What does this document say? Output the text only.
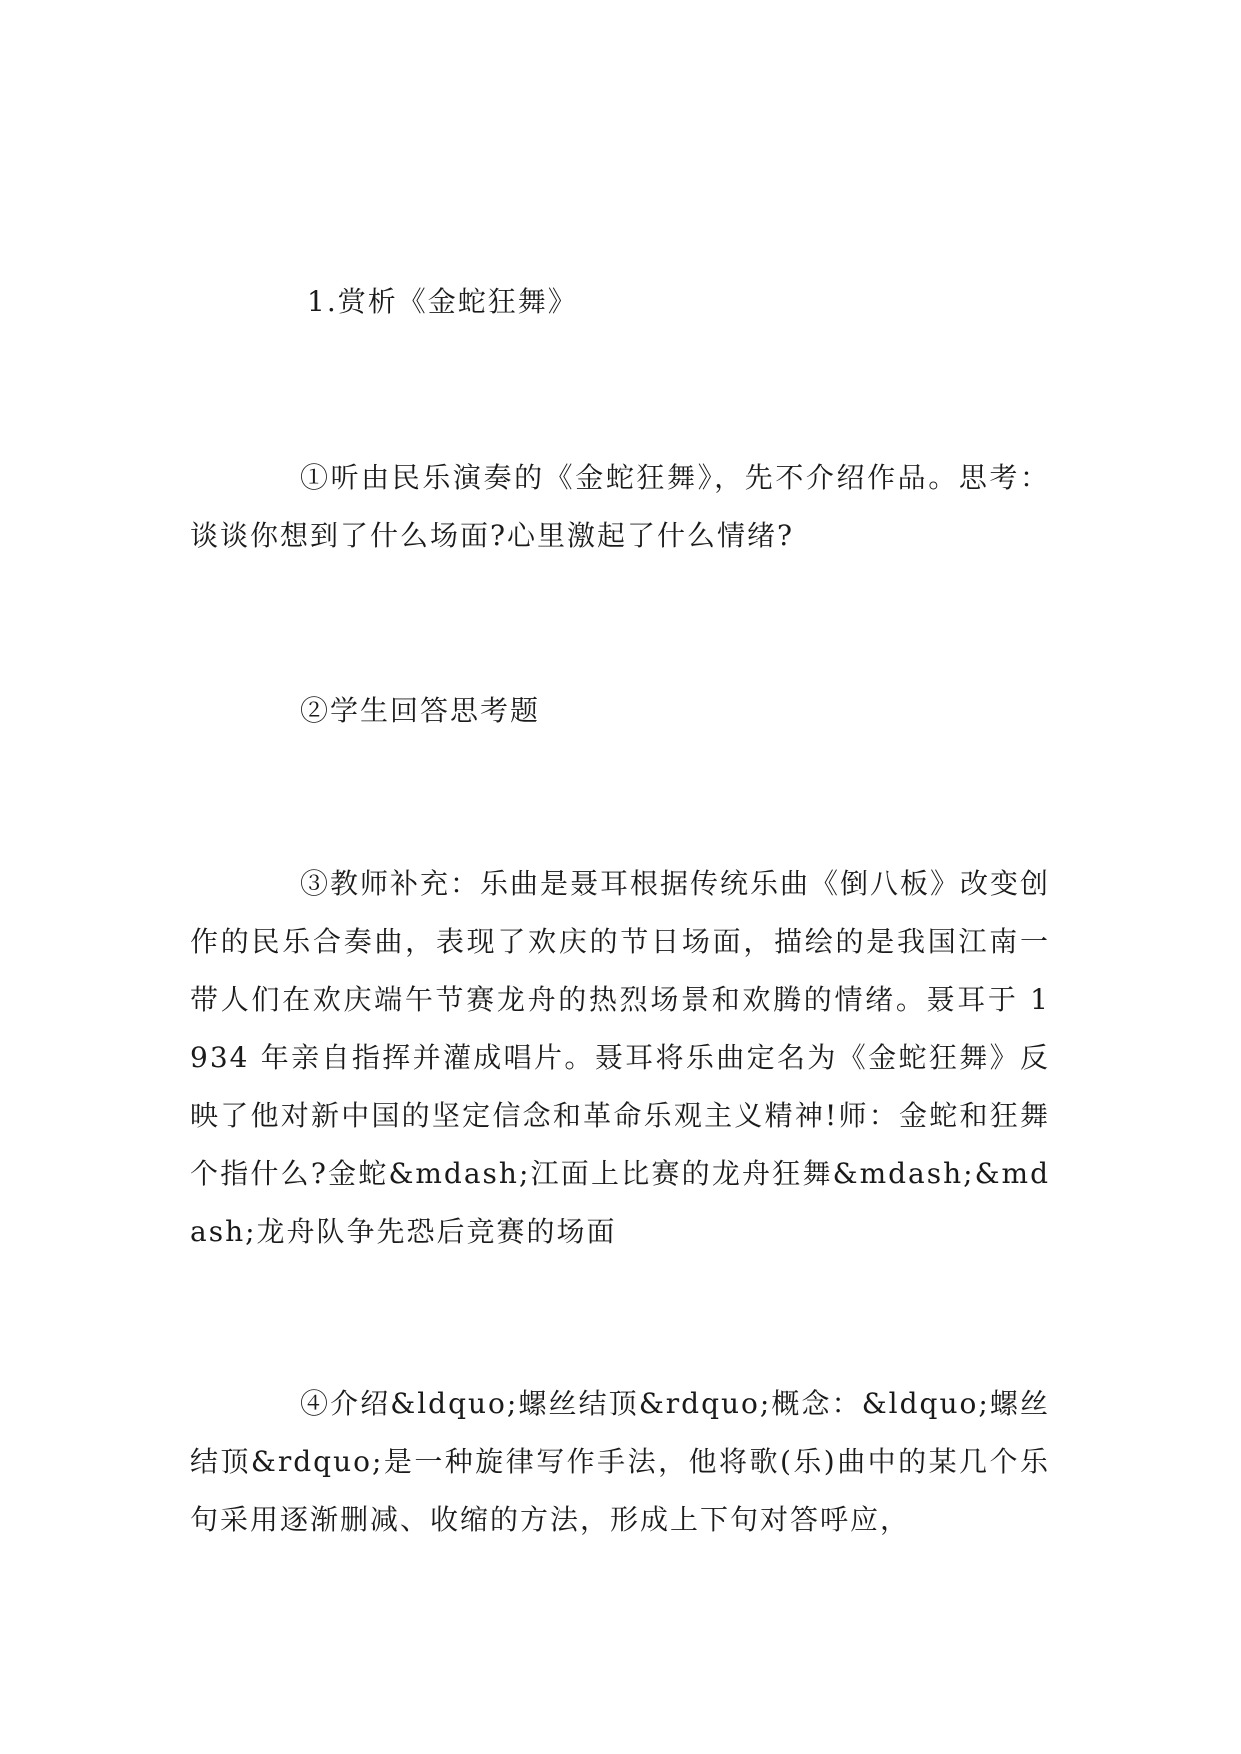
1.赏析《金蛇狂舞》

①听由民乐演奏的《金蛇狂舞》，先不介绍作品。思考：谈谈你想到了什么场面?心里激起了什么情绪?

②学生回答思考题

③教师补充：乐曲是聂耳根据传统乐曲《倒八板》改变创作的民乐合奏曲，表现了欢庆的节日场面，描绘的是我国江南一带人们在欢庆端午节赛龙舟的热烈场景和欢腾的情绪。聂耳于 1934 年亲自指挥并灌成唱片。聂耳将乐曲定名为《金蛇狂舞》反映了他对新中国的坚定信念和革命乐观主义精神!师：金蛇和狂舞个指什么?金蛇&mdash;江面上比赛的龙舟狂舞&mdash;&mdash;龙舟队争先恐后竞赛的场面

④介绍&ldquo;螺丝结顶&rdquo;概念：&ldquo;螺丝结顶&rdquo;是一种旋律写作手法，他将歌(乐)曲中的某几个乐句采用逐渐删减、收缩的方法，形成上下句对答呼应，
